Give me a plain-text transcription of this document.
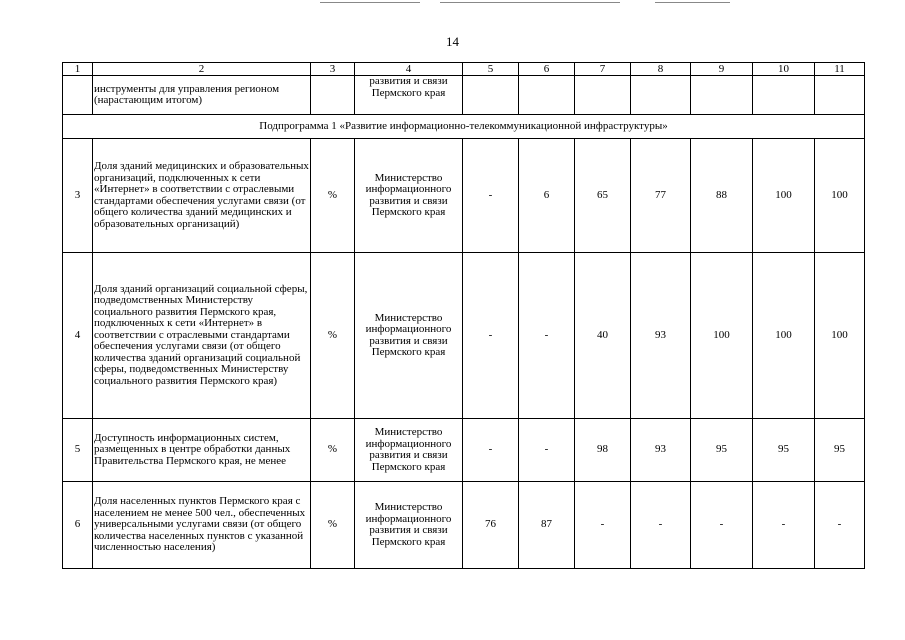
14
1	2	3	4	5	6	7	8	9	10	11
	инструменты для управления регионом (нарастающим итогом)		развития и связи Пермского края							
Подпрограмма 1 «Развитие информационно-телекоммуникационной инфраструктуры»										
3	Доля зданий медицинских и образовательных организаций, подключенных к сети «Интернет» в соответствии с отраслевыми стандартами обеспечения услугами связи (от общего количества зданий медицинских и образовательных организаций)	%	Министерство информационного развития и связи Пермского края	-	6	65	77	88	100	100
4	Доля зданий организаций социальной сферы, подведомственных Министерству социального развития Пермского края, подключенных к сети «Интернет» в соответствии с отраслевыми стандартами обеспечения услугами связи (от общего количества зданий организаций социальной сферы, подведомственных Министерству социального развития Пермского края)	%	Министерство информационного развития и связи Пермского края	-	-	40	93	100	100	100
5	Доступность информационных систем, размещенных в центре обработки данных Правительства Пермского края, не менее	%	Министерство информационного развития и связи Пермского края	-	-	98	93	95	95	95
6	Доля населенных пунктов Пермского края с населением не менее 500 чел., обеспеченных универсальными услугами связи (от общего количества населенных пунктов с указанной численностью населения)	%	Министерство информационного развития и связи Пермского края	76	87	-	-	-	-	-
